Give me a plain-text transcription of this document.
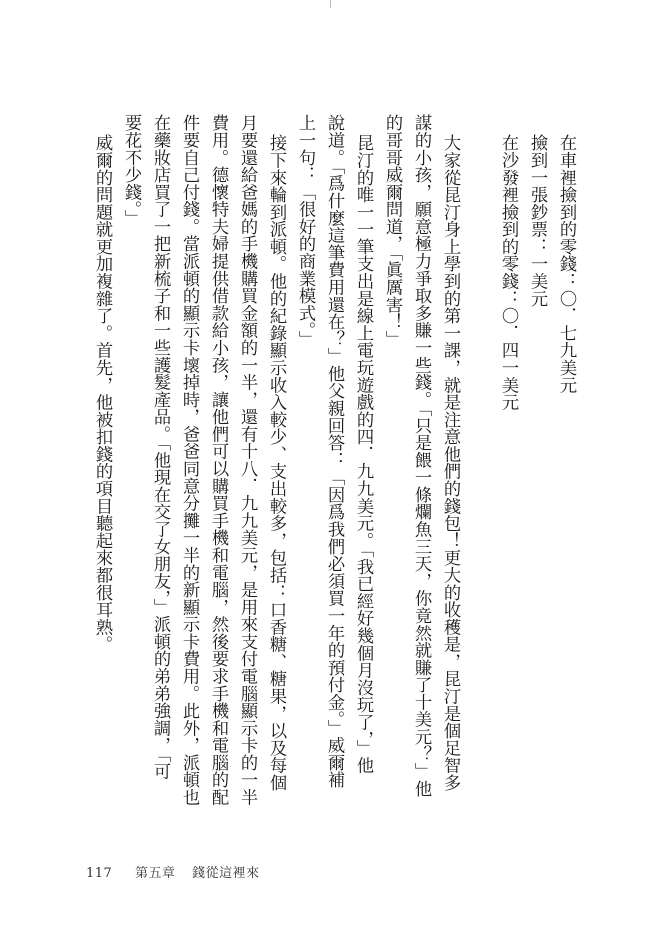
在車裡撿到的零錢：〇．七九美元
撿到一張鈔票：一美元
在沙發裡撿到的零錢：〇．四一美元
大家從昆汀身上學到的第一課，就是注意他們的錢包！更大的收穫是，昆汀是個足智多
謀的小孩，願意極力爭取多賺一些錢。「只是餵一條爛魚三天，你竟然就賺了十美元？」他
的哥哥威爾問道，「眞厲害！」
昆汀的唯一一筆支出是線上電玩遊戲的四．九九美元。「我已經好幾個月沒玩了，」他
說道。「爲什麼這筆費用還在？」他父親回答：「因爲我們必須買一年的預付金。」威爾補
上一句：「很好的商業模式。」
接下來輪到派頓。他的紀錄顯示收入較少、支出較多，包括：口香糖、糖果，以及每個
月要還給爸媽的手機購買金額的一半，還有十八．九九美元，是用來支付電腦顯示卡的一半
費用。德懷特夫婦提供借款給小孩，讓他們可以購買手機和電腦，然後要求手機和電腦的配
件要自己付錢。當派頓的顯示卡壞掉時，爸爸同意分攤一半的新顯示卡費用。此外，派頓也
在藥妝店買了一把新梳子和一些護髮產品。「他現在交了女朋友，」派頓的弟弟強調，「可
要花不少錢。」
威爾的問題就更加複雜了。首先，他被扣錢的項目聽起來都很耳熟。
117 第五章 錢從這裡來
